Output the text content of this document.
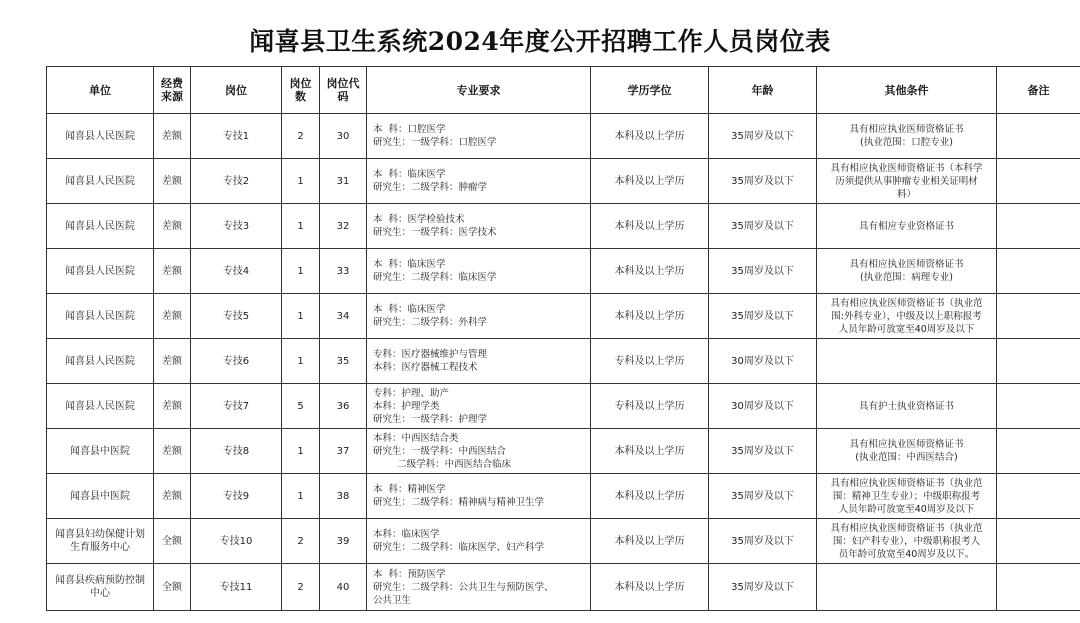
闻喜县卫生系统2024年度公开招聘工作人员岗位表
单位	经费
来源	岗位	岗位数	岗位代码	专业要求	学历学位	年龄	其他条件	备注
闻喜县人民医院	差额	专技1	2	30	本  科：口腔医学
研究生：一级学科：口腔医学	本科及以上学历	35周岁及以下	具有相应执业医师资格证书
(执业范围：口腔专业)	
闻喜县人民医院	差额	专技2	1	31	本  科：临床医学
研究生：二级学科：肿瘤学	本科及以上学历	35周岁及以下	具有相应执业医师资格证书（本科学
历须提供从事肿瘤专业相关证明材
料）	
闻喜县人民医院	差额	专技3	1	32	本  科：医学检验技术
研究生：一级学科：医学技术	本科及以上学历	35周岁及以下	具有相应专业资格证书	
闻喜县人民医院	差额	专技4	1	33	本  科：临床医学
研究生：二级学科：临床医学	本科及以上学历	35周岁及以下	具有相应执业医师资格证书
(执业范围：病理专业)	
闻喜县人民医院	差额	专技5	1	34	本  科：临床医学
研究生：二级学科：外科学	本科及以上学历	35周岁及以下	具有相应执业医师资格证书（执业范
围:外科专业），中级及以上职称报考
人员年龄可放宽至40周岁及以下	
闻喜县人民医院	差额	专技6	1	35	专科：医疗器械维护与管理
本科：医疗器械工程技术	专科及以上学历	30周岁及以下		
闻喜县人民医院	差额	专技7	5	36	专科：护理、助产
本科：护理学类
研究生：一级学科：护理学	专科及以上学历	30周岁及以下	具有护士执业资格证书	
闻喜县中医院	差额	专技8	1	37	本科：中西医结合类
研究生：一级学科：中西医结合
二级学科：中西医结合临床	本科及以上学历	35周岁及以下	具有相应执业医师资格证书
(执业范围：中西医结合)	
闻喜县中医院	差额	专技9	1	38	本  科：精神医学
研究生：二级学科：精神病与精神卫生学	本科及以上学历	35周岁及以下	具有相应执业医师资格证书（执业范
围：精神卫生专业）；中级职称报考
人员年龄可放宽至40周岁及以下	
闻喜县妇幼保健计划
生育服务中心	全额	专技10	2	39	本科：临床医学
研究生：二级学科：临床医学、妇产科学	本科及以上学历	35周岁及以下	具有相应执业医师资格证书（执业范
围：妇产科专业），中级职称报考人
员年龄可放宽至40周岁及以下。	
闻喜县疾病预防控制
中心	全额	专技11	2	40	本  科：预防医学
研究生：二级学科：公共卫生与预防医学、
公共卫生	本科及以上学历	35周岁及以下		
